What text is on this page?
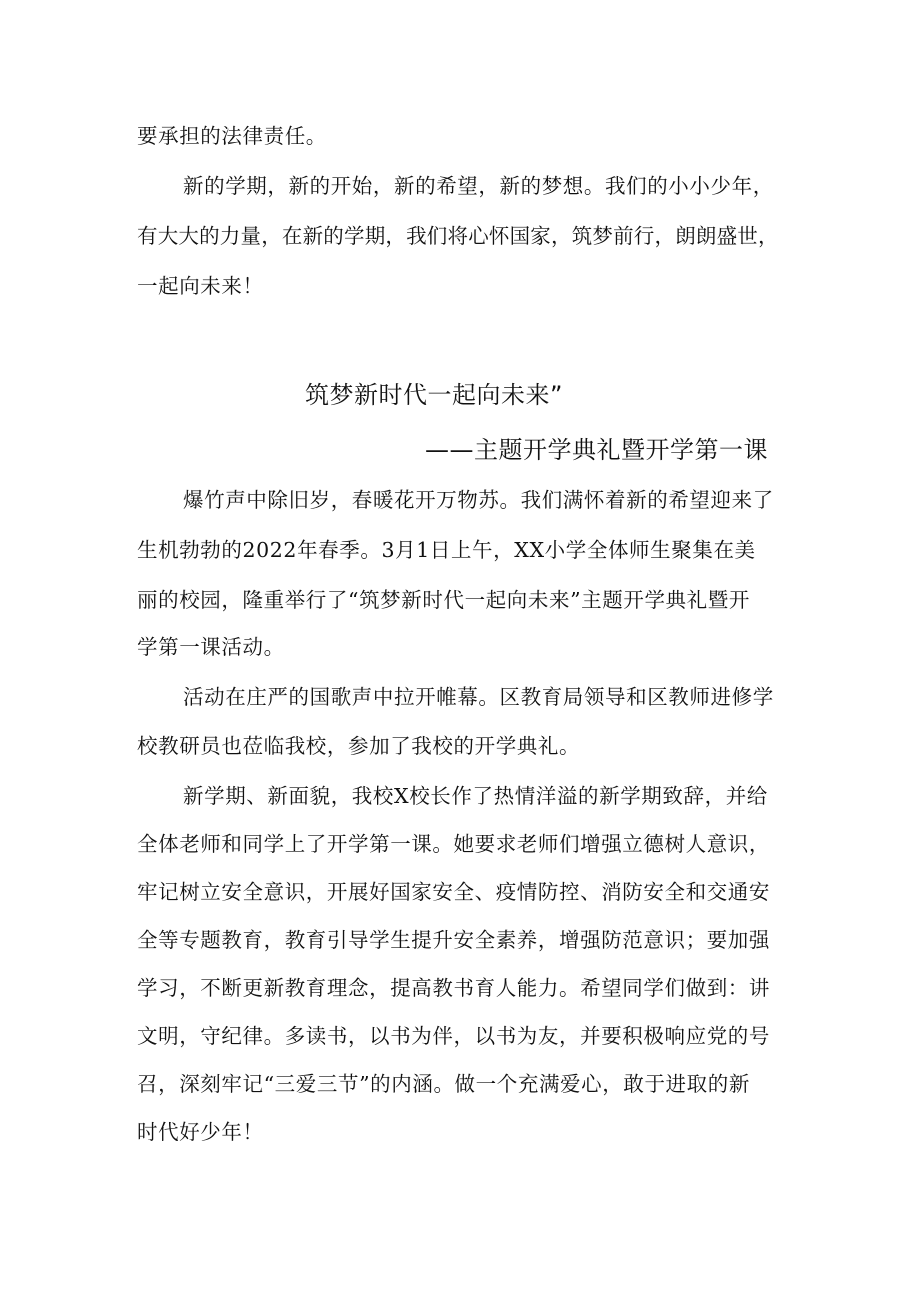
要承担的法律责任。
新的学期，新的开始，新的希望，新的梦想。我们的小小少年，
有大大的力量，在新的学期，我们将心怀国家，筑梦前行，朗朗盛世，
一起向未来！
筑梦新时代一起向未来”
——主题开学典礼暨开学第一课
爆竹声中除旧岁，春暖花开万物苏。我们满怀着新的希望迎来了
生机勃勃的2022年春季。3月1日上午，XX小学全体师生聚集在美
丽的校园，隆重举行了“筑梦新时代一起向未来”主题开学典礼暨开
学第一课活动。
活动在庄严的国歌声中拉开帷幕。区教育局领导和区教师进修学
校教研员也莅临我校，参加了我校的开学典礼。
新学期、新面貌，我校X校长作了热情洋溢的新学期致辞，并给
全体老师和同学上了开学第一课。她要求老师们增强立德树人意识，
牢记树立安全意识，开展好国家安全、疫情防控、消防安全和交通安
全等专题教育，教育引导学生提升安全素养，增强防范意识；要加强
学习，不断更新教育理念，提高教书育人能力。希望同学们做到：讲
文明，守纪律。多读书，以书为伴，以书为友，并要积极响应党的号
召，深刻牢记“三爱三节”的内涵。做一个充满爱心，敢于进取的新
时代好少年！
